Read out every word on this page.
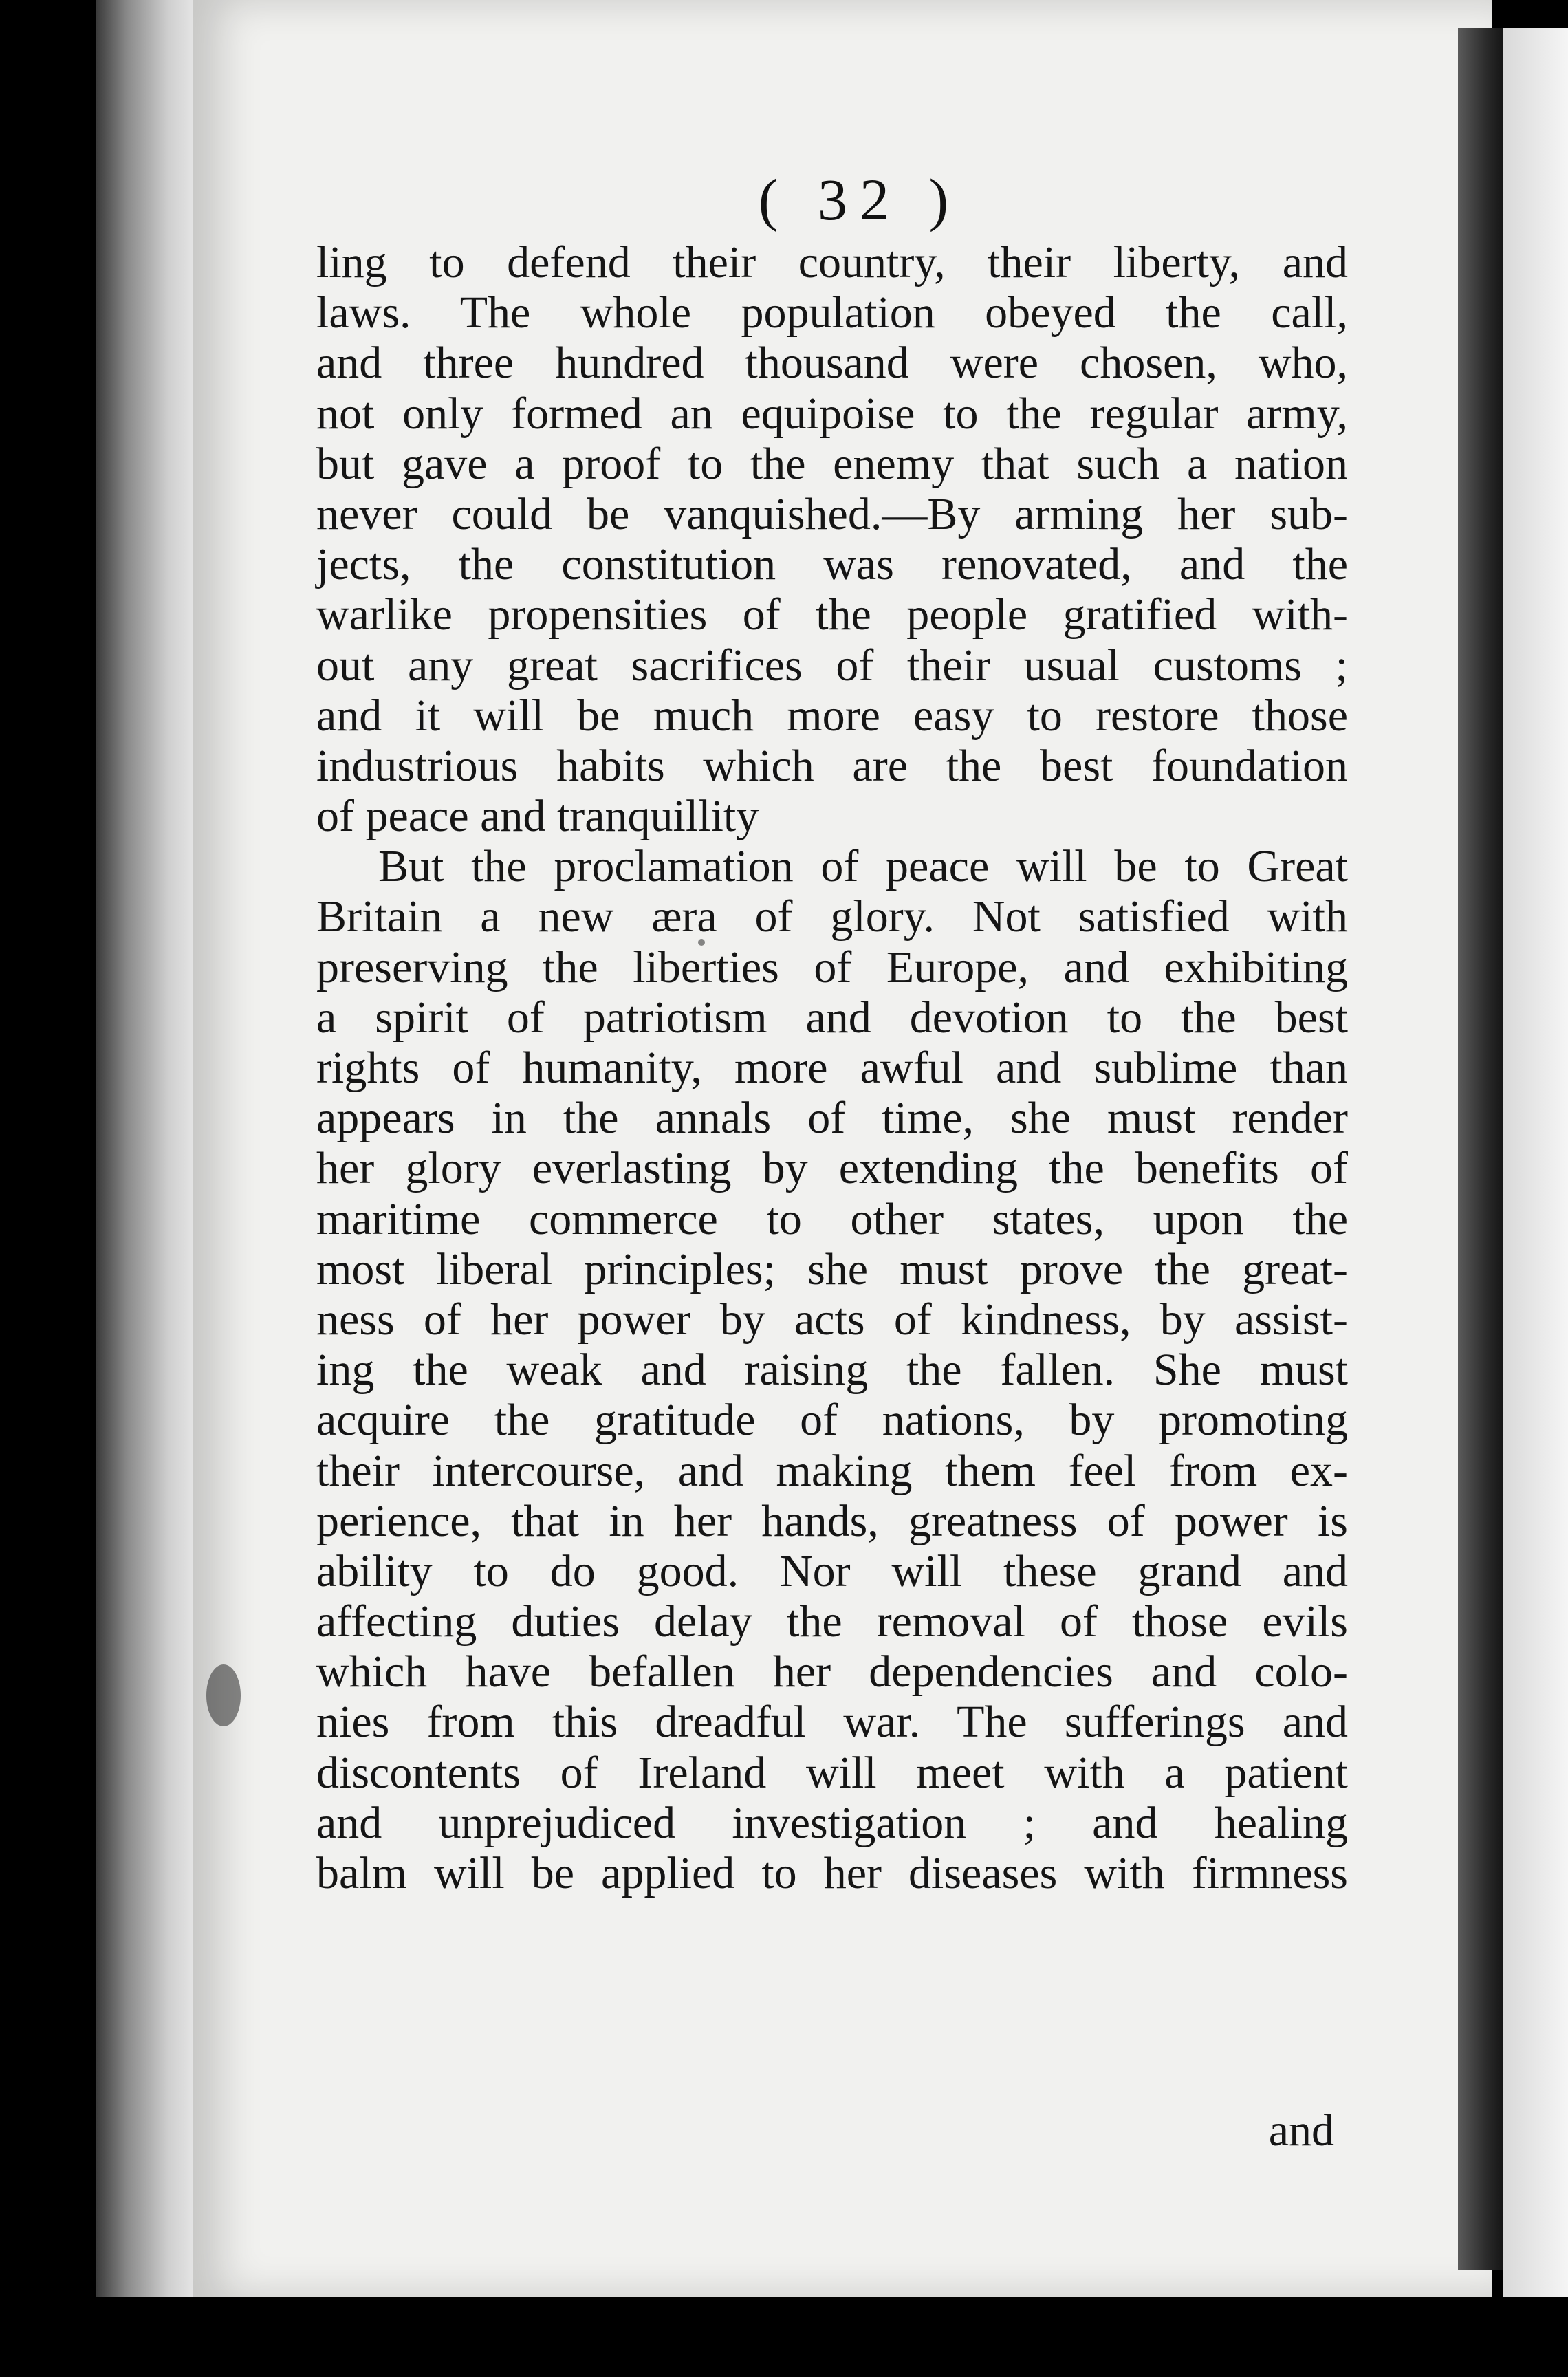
( 32 )
ling to defend their country, their liberty, and
laws. The whole population obeyed the call,
and three hundred thousand were chosen, who,
not only formed an equipoise to the regular army,
but gave a proof to the enemy that such a nation
never could be vanquished.—By arming her sub-
jects, the constitution was renovated, and the
warlike propensities of the people gratified with-
out any great sacrifices of their usual customs ;
and it will be much more easy to restore those
industrious habits which are the best foundation
of peace and tranquillity
But the proclamation of peace will be to Great
Britain a new æra of glory. Not satisfied with
preserving the liberties of Europe, and exhibiting
a spirit of patriotism and devotion to the best
rights of humanity, more awful and sublime than
appears in the annals of time, she must render
her glory everlasting by extending the benefits of
maritime commerce to other states, upon the
most liberal principles; she must prove the great-
ness of her power by acts of kindness, by assist-
ing the weak and raising the fallen. She must
acquire the gratitude of nations, by promoting
their intercourse, and making them feel from ex-
perience, that in her hands, greatness of power is
ability to do good. Nor will these grand and
affecting duties delay the removal of those evils
which have befallen her dependencies and colo-
nies from this dreadful war. The sufferings and
discontents of Ireland will meet with a patient
and unprejudiced investigation ; and healing
balm will be applied to her diseases with firmness
and
